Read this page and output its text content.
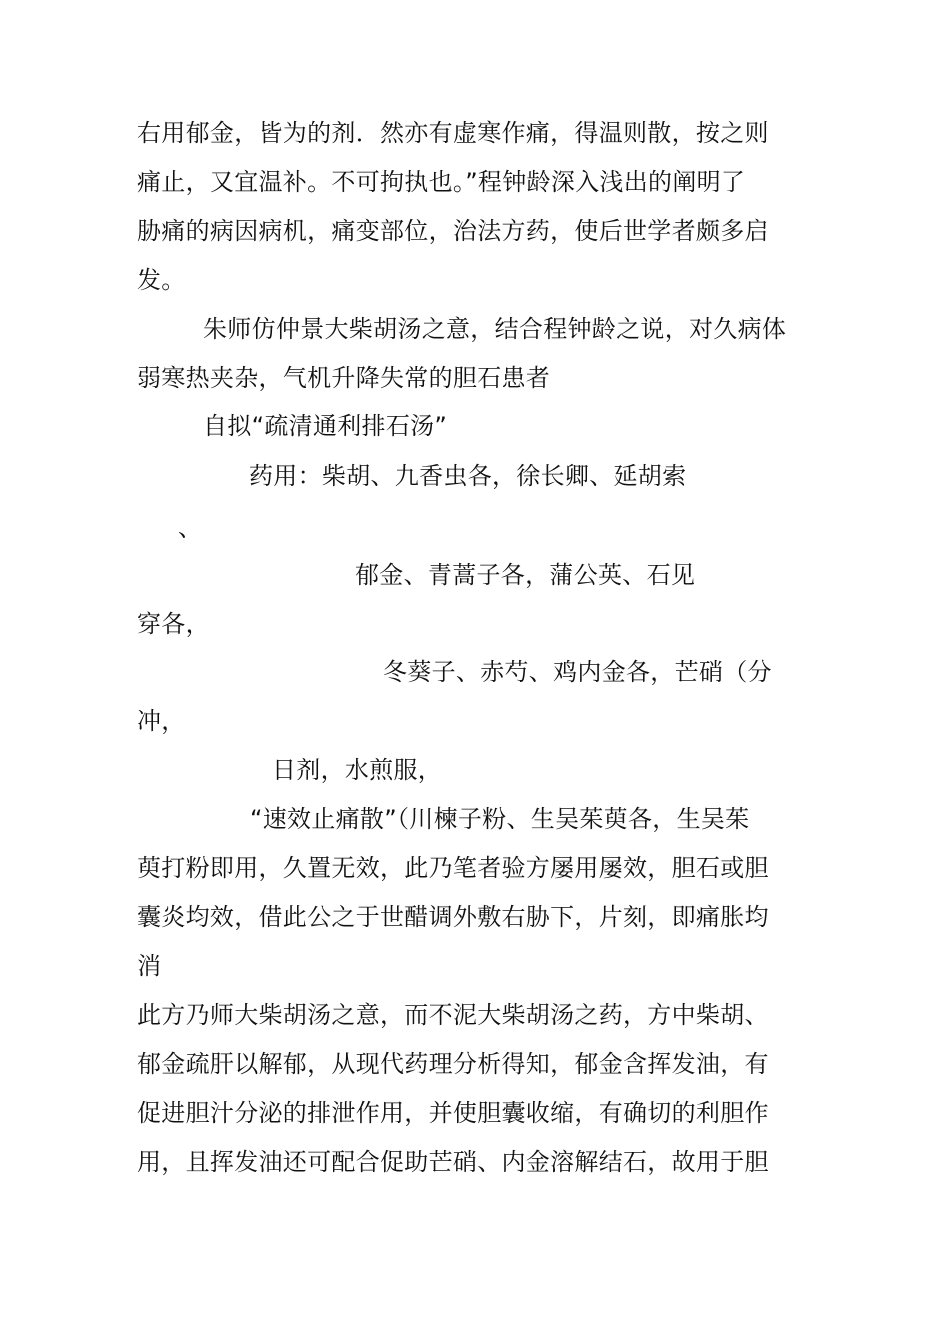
右用郁金，皆为的剂．然亦有虚寒作痛，得温则散，按之则
痛止，又宜温补。不可拘执也。”程钟龄深入浅出的阐明了
胁痛的病因病机，痛变部位，治法方药，使后世学者颇多启
发。
朱师仿仲景大柴胡汤之意，结合程钟龄之说，对久病体
弱寒热夹杂，气机升降失常的胆石患者
自拟“疏清通利排石汤”
药用：柴胡、九香虫各，徐长卿、延胡索
、
郁金、青蒿子各，蒲公英、石见
穿各，
冬葵子、赤芍、鸡内金各，芒硝（分
冲，
日剂，水煎服，
“速效止痛散”（川楝子粉、生吴茱萸各，生吴茱
萸打粉即用，久置无效，此乃笔者验方屡用屡效，胆石或胆
囊炎均效，借此公之于世醋调外敷右胁下，片刻，即痛胀均
消
此方乃师大柴胡汤之意，而不泥大柴胡汤之药，方中柴胡、
郁金疏肝以解郁，从现代药理分析得知，郁金含挥发油，有
促进胆汁分泌的排泄作用，并使胆囊收缩，有确切的利胆作
用，且挥发油还可配合促助芒硝、内金溶解结石，故用于胆
